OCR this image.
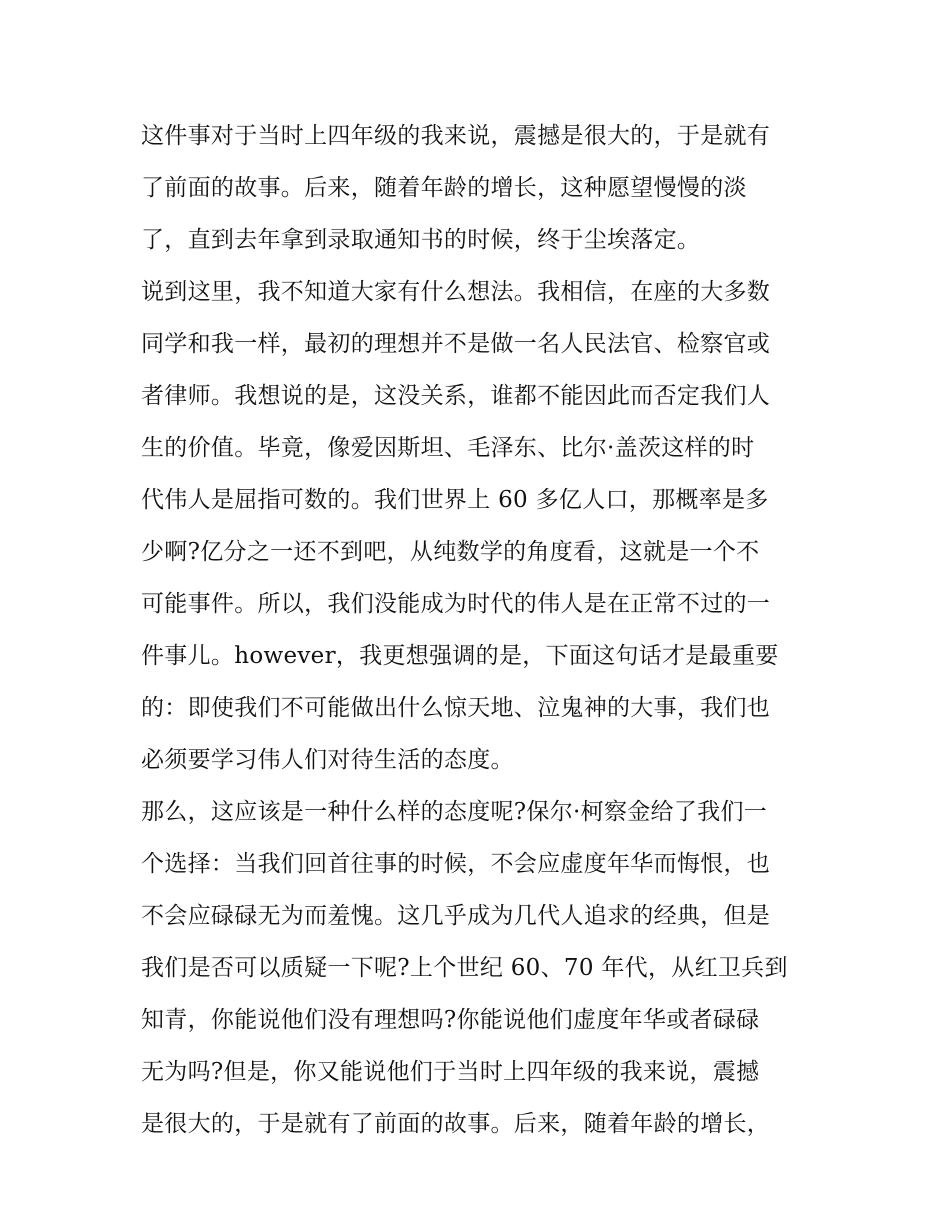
这件事对于当时上四年级的我来说，震撼是很大的，于是就有
了前面的故事。后来，随着年龄的增长，这种愿望慢慢的淡
了，直到去年拿到录取通知书的时候，终于尘埃落定。
说到这里，我不知道大家有什么想法。我相信，在座的大多数
同学和我一样，最初的理想并不是做一名人民法官、检察官或
者律师。我想说的是，这没关系，谁都不能因此而否定我们人
生的价值。毕竟，像爱因斯坦、毛泽东、比尔·盖茨这样的时
代伟人是屈指可数的。我们世界上 60 多亿人口，那概率是多
少啊?亿分之一还不到吧，从纯数学的角度看，这就是一个不
可能事件。所以，我们没能成为时代的伟人是在正常不过的一
件事儿。however，我更想强调的是，下面这句话才是最重要
的：即使我们不可能做出什么惊天地、泣鬼神的大事，我们也
必须要学习伟人们对待生活的态度。
那么，这应该是一种什么样的态度呢?保尔·柯察金给了我们一
个选择：当我们回首往事的时候，不会应虚度年华而悔恨，也
不会应碌碌无为而羞愧。这几乎成为几代人追求的经典，但是
我们是否可以质疑一下呢?上个世纪 60、70 年代，从红卫兵到
知青，你能说他们没有理想吗?你能说他们虚度年华或者碌碌
无为吗?但是，你又能说他们于当时上四年级的我来说，震撼
是很大的，于是就有了前面的故事。后来，随着年龄的增长，
